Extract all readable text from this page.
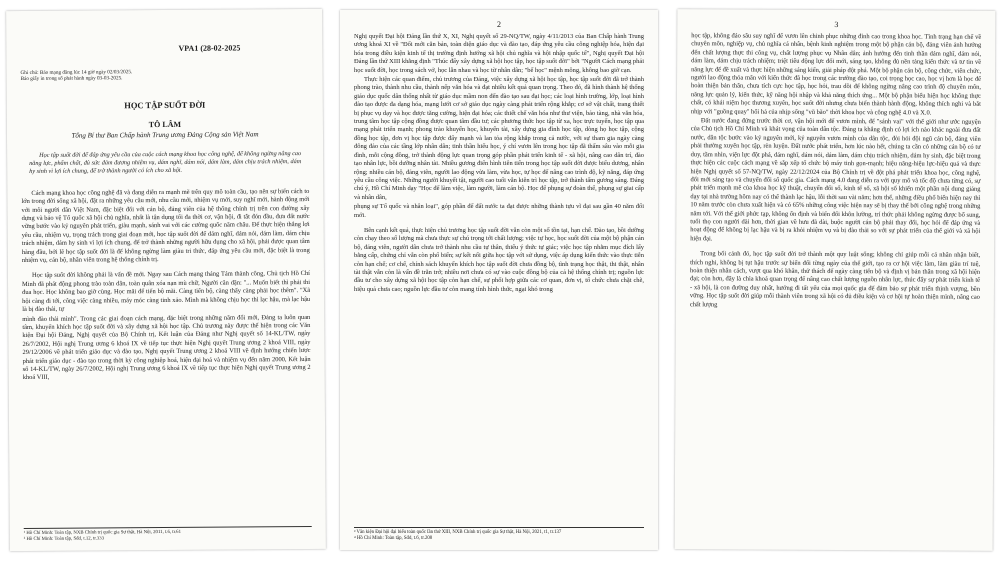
VPA1 (28-02-2025

Ghi chú: Báo mạng đăng lúc 14 giờ ngày 02/03/2025.

Báo giấy in trong số phát hành ngày 03-03-2025.

HỌC TẬP SUỐT ĐỜI
TÔ LÂM
Tổng Bí thư Ban Chấp hành Trung ương Đảng Cộng sản Việt Nam

Học tập suốt đời để đáp ứng yêu cầu của cuộc cách mạng khoa học công nghệ, để không ngừng nâng cao năng lực, phẩm chất, đủ sức đảm đương nhiệm vụ, dám nghĩ, dám nói, dám làm, dám chịu trách nhiệm, dám hy sinh vì lợi ích chung, để trở thành người có ích cho xã hội.

Cách mạng khoa học công nghệ đã và đang diễn ra mạnh mẽ trên quy mô toàn cầu, tạo nên sự biến cách to lớn trong đời sống xã hội, đặt ra những yêu cầu mới, nhu cầu mới, nhiệm vụ mới, suy nghĩ mới, hành động mới với mỗi người dân Việt Nam, đặc biệt đối với cán bộ, đảng viên của hệ thống chính trị trên con đường xây dựng và bảo vệ Tổ quốc xã hội chủ nghĩa, nhất là tận dụng tối đa thời cơ, vận hội, đi tắt đón đầu, đưa đất nước vững bước vào kỷ nguyên phát triển, giàu mạnh, sánh vai với các cường quốc năm châu. Để thực hiện thắng lợi yêu cầu, nhiệm vụ, trọng trách trong giai đoạn mới, học tập suốt đời để dám nghĩ, dám nói, dám làm, dám chịu trách nhiệm, dám hy sinh vì lợi ích chung, để trở thành những người hữu dụng cho xã hội, phải được quan tâm hàng đầu, bởi lẽ học tập suốt đời là để không ngừng làm giàu tri thức, đáp ứng yêu cầu mới, đặc biệt là trong nhiệm vụ, cán bộ, nhân viên trong hệ thống chính trị.

Học tập suốt đời không phải là vấn đề mới. Ngay sau Cách mạng tháng Tám thành công, Chủ tịch Hồ Chí Minh đã phát động phong trào toàn dân, toàn quân xóa nạn mù chữ, Người căn dặn: "... Muốn biết thì phải thi đua học. Học không bao giờ cùng. Học mãi để tiến bộ mãi. Càng tiến bộ, càng thấy càng phải học thêm". "Xã hội càng đi tới, công việc càng nhiều, máy móc càng tinh xảo. Mình mà không chịu học thì lạc hậu, mà lạc hậu là bị đào thải, tự

mình đào thải mình". Trong các giai đoạn cách mạng, đặc biệt trong những năm đổi mới, Đảng ta luôn quan tâm, khuyến khích học tập suốt đời và xây dựng xã hội học tập. Chủ trương này được thể hiện trong các Văn kiện Đại hội Đảng, Nghị quyết của Bộ Chính trị, Kết luận của Đảng như Nghị quyết số 14-KL/TW, ngày 26/7/2002, Hội nghị Trung ương 6 khoá IX về tiếp tục thực hiện Nghị quyết Trung ương 2 khoá VIII, ngày 29/12/2006 về phát triển giáo dục và đào tạo, Nghị quyết Trung ương 2 khoá VIII về định hướng chiến lược phát triển giáo dục - đào tạo trong thời kỳ công nghiệp hoá, hiện đại hoá và nhiệm vụ đến năm 2000, Kết luận số 14-KL/TW, ngày 26/7/2002, Hội nghị Trung ương 6 khoá IX về tiếp tục thực hiện Nghị quyết Trung ương 2 khoá VIII,

¹ Hồ Chí Minh: Toàn tập, NXB Chính trị quốc gia Sự thật, Hà Nội, 2011, t.6, tr.61

² Hồ Chí Minh: Toàn tập, Sđd, t.12, tr.333

2

Nghị quyết Đại hội Đảng lần thứ X, XI, Nghị quyết số 29-NQ/TW, ngày 4/11/2013 của Ban Chấp hành Trung ương khoá XI về "Đổi mới căn bản, toàn diện giáo dục và đào tạo, đáp ứng yêu cầu công nghiệp hóa, hiện đại hóa trong điều kiện kinh tế thị trường định hướng xã hội chủ nghĩa và hội nhập quốc tế", Nghị quyết Đại hội Đảng lần thứ XIII khẳng định "Thúc đẩy xây dựng xã hội học tập, học tập suốt đời" bởi "Người Cách mạng phải học suốt đời, học trong sách vở, học lẫn nhau và học từ nhân dân; "bế học" mệnh mông, không bao giờ cạn.

Thực hiện các quan điểm, chủ trương của Đảng, việc xây dựng xã hội học tập, học tập suốt đời đã trở thành phong trào, thành nhu cầu, thành nếp văn hóa và đạt nhiều kết quả quan trọng. Theo đó, đã hình thành hệ thống giáo dục quốc dân thống nhất từ giáo dục mầm non đến đào tạo sau đại học; các loại hình trường, lớp, loại hình đào tạo được đa dạng hóa, mạng lưới cơ sở giáo dục ngày càng phát triển rộng khắp; cơ sở vật chất, trang thiết bị phục vụ dạy và học được tăng cường, hiện đại hóa; các thiết chế văn hóa như thư viện, bảo tàng, nhà văn hóa, trung tâm học tập cộng đồng được quan tâm đầu tư; các phương thức học tập từ xa, học trực tuyến, học tập qua mạng phát triển mạnh; phong trào khuyến học, khuyến tài, xây dựng gia đình học tập, dòng họ học tập, cộng đồng học tập, đơn vị học tập được đẩy mạnh và lan tỏa rộng khắp trong cả nước, với sự tham gia ngày càng đông đảo của các tầng lớp nhân dân; tinh thần hiếu học, ý chí vươn lên trong học tập đã thấm sâu vào mỗi gia đình, mỗi cộng đồng, trở thành động lực quan trọng góp phần phát triển kinh tế - xã hội, nâng cao dân trí, đào tạo nhân lực, bồi dưỡng nhân tài. Nhiều gương điển hình tiên tiến trong học tập suốt đời được biểu dương, nhân rộng; nhiều cán bộ, đảng viên, người lao động vừa làm, vừa học, tự học để nâng cao trình độ, kỹ năng, đáp ứng yêu cầu công việc. Những người khuyết tật, người cao tuổi vẫn kiên trì học tập, trở thành tấm gương sáng. Đáng chú ý, Hồ Chí Minh dạy "Học để làm việc, làm người, làm cán bộ. Học để phụng sự đoàn thể, phụng sự giai cấp và nhân dân,

phụng sự Tổ quốc và nhân loại", góp phần để đất nước ta đạt được những thành tựu vĩ đại sau gần 40 năm đổi mới.

Bên cạnh kết quả, thực hiện chủ trương học tập suốt đời vẫn còn một số tồn tại, hạn chế. Đào tạo, bồi dưỡng còn chạy theo số lượng mà chưa thực sự chú trọng tới chất lượng; việc tự học, học suốt đời của một bộ phận cán bộ, đảng viên, người dân chưa trở thành nhu cầu tự thân, thiếu ý thức tự giác; việc học tập nhằm mục đích lấy bằng cấp, chứng chỉ vẫn còn phổ biến; sự kết nối giữa học tập với sử dụng, việc áp dụng kiến thức vào thực tiễn còn hạn chế; cơ chế, chính sách khuyến khích học tập suốt đời chưa đồng bộ, tình trạng học thật, thi thật, nhân tài thật vẫn còn là vấn đề trăn trở; nhiều nơi chưa có sự vào cuộc đồng bộ của cả hệ thống chính trị; nguồn lực đầu tư cho xây dựng xã hội học tập còn hạn chế, sự phối hợp giữa các cơ quan, đơn vị, tổ chức chưa chặt chẽ, hiệu quả chưa cao; nguồn lực đầu tư còn mang tính hình thức, ngại khó trong

³ Văn kiện Đại hội đại biểu toàn quốc lần thứ XIII, NXB Chính trị quốc gia Sự thật, Hà Nội, 2021, t1, tr.137

⁴ Hồ Chí Minh: Toàn tập, Sđd, t.6, tr.208

3

học tập, không đáo sâu suy nghĩ để vươn lên chinh phục những đỉnh cao trong khoa học. Tình trạng hạn chế về chuyên môn, nghiệp vụ, chủ nghĩa cá nhân, bệnh kinh nghiệm trong một bộ phận cán bộ, đảng viên ảnh hưởng đến chất lượng thực thi công vụ, chất lượng phục vụ Nhân dân; ảnh hưởng đến tinh thần dám nghĩ, dám nói, dám làm, dám chịu trách nhiệm; triệt tiêu động lực đổi mới, sáng tạo, không đủ nền tảng kiến thức và tư tin về năng lực để đề xuất và thực hiện những sáng kiến, giải pháp đột phá. Một bộ phận cán bộ, công chức, viên chức, người lao động thỏa mãn với kiến thức đã học trong các trường đào tạo, coi trọng học cao, học vị hơn là học để hoàn thiện bản thân, chưa tích cực học tập, học hỏi, trau dồi để không ngừng nâng cao trình độ chuyên môn, năng lực quản lý, kiến thức, kỹ năng hội nhập và khả năng thích ứng... Một bộ phận biểu hiện học không thực chất, có khái niệm học thương xuyên, học suốt đời nhưng chưa biến thành hành động, không thích nghi và bắt nhịp với "guồng quay" hối hả của nhịp sống "vũ bão" thời khoa học và công nghệ 4.0 và X.0.

Đất nước đang đứng trước thời cơ, vận hội mới để vươn mình, để "sánh vai" với thế giới như ước nguyện của Chủ tịch Hồ Chí Minh và khát vọng của toàn dân tộc. Đảng ta khẳng định có lợi ích nào khác ngoài đưa đất nước, dân tộc bước vào kỷ nguyên mới, kỷ nguyên vươn mình của dân tộc, đòi hỏi đội ngũ cán bộ, đảng viên phải thường xuyên học tập, rèn luyện. Đất nước phát triển, hơn lúc nào hết, chúng ta cần có những cán bộ có tư duy, tầm nhìn, viện lực đột phá, dám nghĩ, dám nói, dám làm, dám chịu trách nhiệm, dám hy sinh, đặc biệt trong thực hiện các cuộc cách mạng về sắp xếp tổ chức bộ máy tinh gọn-mạnh; hiệu năng-hiệu lực-hiệu quả và thực hiện Nghị quyết số 57-NQ/TW, ngày 22/12/2024 của Bộ Chính trị về đột phá phát triển khoa học, công nghệ, đổi mới sáng tạo và chuyển đổi số quốc gia. Cách mạng 4.0 đang diễn ra với quy mô và tốc độ chưa từng có, sự phát triển mạnh mẽ của khoa học kỹ thuật, chuyển đổi số, kinh tế số, xã hội số khiến một phần nội dung giảng dạy tại nhà trường hôm nay có thể thành lạc hậu, lỗi thời sau vài năm; hơn thế, những điều phổ biến hiện nay thì 10 năm trước còn chưa xuất hiện và có 65% những công việc hiện nay sẽ bị thay thế bởi công nghệ trong những năm tới. Với thế giới phức tạp, không ổn định và biến đổi khôn lường, trí thức phải không ngừng được bổ sung, tuổi thọ con người dài hơn, thời gian về hưu đã dài, buộc người cán bộ phải thay đổi, học hỏi để đáp ứng và hoạt động để không bị lạc hậu và bị ra khỏi nhiệm vụ và bị đào thải so với sự phát triển của thế giới và xã hội hiện đại.

Trong bối cảnh đó, học tập suốt đời trở thành một quy luật sống; không chỉ giúp mỗi cá nhân nhận biết, thích nghi, không bị tụt hậu trước sự biến đổi từng ngày của thế giới, tạo ra cơ hội việc làm, làm giàu trí tuệ, hoàn thiện nhân cách, vượt qua khó khăn, thử thách để ngày càng tiến bộ và định vị bản thân trong xã hội hiện đại; còn hơn, đây là chìa khoá quan trọng để nâng cao chất lượng nguồn nhân lực, thúc đẩy sự phát triển kinh tế - xã hội, là con đường duy nhất, hướng đi tất yếu của mọi quốc gia để đảm bảo sự phát triển thịnh vượng, bền vững. Học tập suốt đời giúp mỗi thành viên trong xã hội có đủ điều kiện và cơ hội tự hoàn thiện mình, nâng cao chất lượng
